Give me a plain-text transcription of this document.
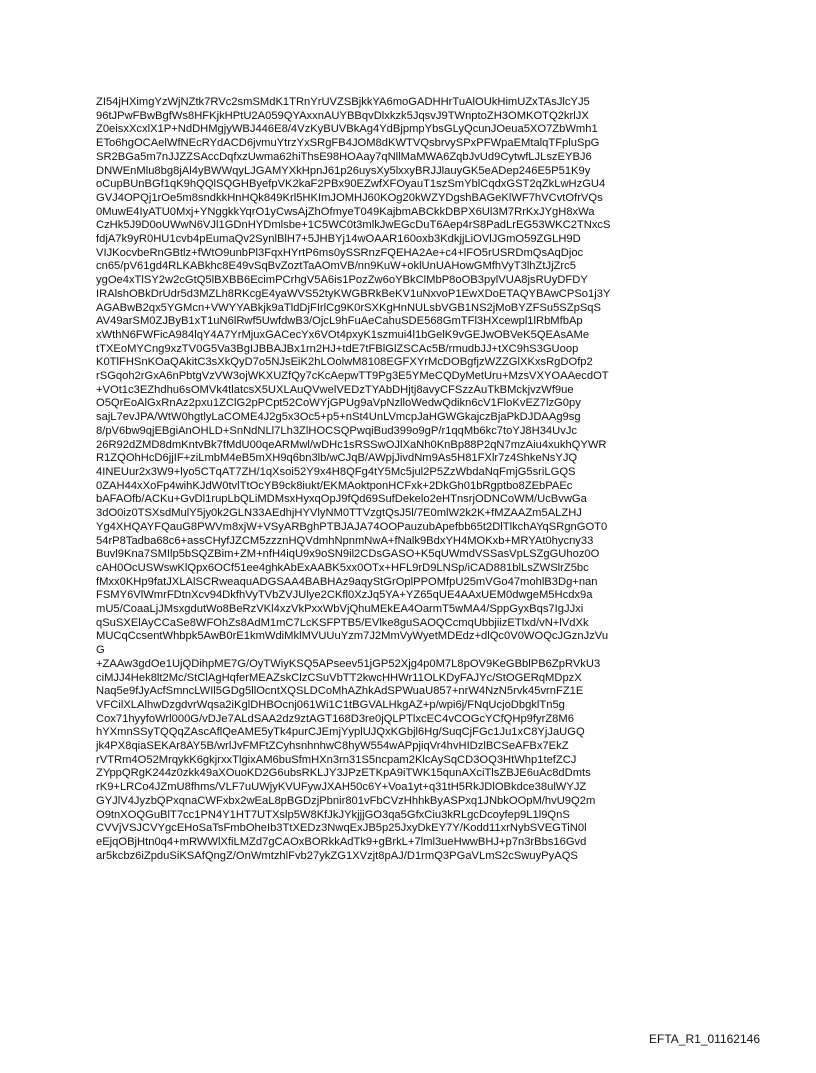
ZI54jHXimgYzWjNZtk7RVc2smSMdK1TRnYrUVZSBjkkYA6moGADHHrTuAlOUkHimUZxTAsJlcYJ5
96tJPwFBwBgfWs8HFKjkHPtU2A059QYAxxnAUYBBqvDlxkzk5JqsvJ9TWnptoZH3OMKOTQ2krlJX
Z0eisxXcxlX1P+NdDHMgjyWBJ446E8/4VzKyBUVBkAg4YdBjpmpYbsGLyQcunJOeua5XO7ZbWmh1
ETo6hgOCAelWfNEcRYdACD6jvmuYtrzYxSRgFB4JOM8dKWTVQsbrvySPxPFWpaEMtalqTFpluSpG
SR2BGa5m7nJJZZSAccDqfxzUwma62hiThsE98HOAay7qNllMaMWA6ZqbJvUd9CytwfLJLszEYBJ6
DNWEnMlu8bg8jAl4yBWWqyLJGAMYXkHpnJ61p26uysXy5lxxyBRJJlauyGK5eADep246E5P51K9y
oCupBUnBGf1qK9hQQlSQGHByefpVK2kaF2PBx90EZwfXFOyauT1szSmYblCqdxGST2qZkLwHzGU4
GVJ4OPQj1rOe5m8sndkkHnHQk849Krl5HKImJOMHJ60KOg20kWZYDgshBAGeKlWF7hVCvtOfrVQs
0MuwE4IyATU0Mxj+YNggkkYqrO1yCwsAjZhOfmyeT049KajbmABCkkDBPX6Ul3M7RrKxJYgH8xWa
CzHk5J9D0oUWwN6VJl1GDnHYDmlsbe+1C5WC0t3mlkJwEGcDuT6Aep4rS8PadLrEG53WKC2TNxcS
fdjA7k9yR0HU1cvb4pEumaQv2SynlBlH7+5JHBYj14wOAAR160oxb3KdkjjLiOVlJGmO59ZGLH9D
VIJKocvbeRnGBtlz+fWtO9unbPl3FqxHYrtP6ms0ySSRnzFQEHA2Ae+c4+lFO5rUSRDmQsAqDjoc
cn65/pV61gd4RLKABkhc8E49vSqBvZoztTaAOmVB/nn9KuW+oklUnUAHowGMfhVyT3lhZtJjZrc5
ygOe4xTlSY2w2cGtQ5lBXBB6EcimPCrhgV5A6is1PozZw6oYBkClMbP8oOB3pylVUA8jsRUyDFDY
IRAlshOBkDrUdr5d3MZLh8RKcgE4yaWVS52tyKWGBRkBeKV1uNxvoP1EwXDoETAQYBAwCPSo1j3Y
AGABwB2qx5YGMcn+VWYYABkjk9aTldDjFIrlCg9K0rSXKgHnNULsbVGB1NS2jMoBYZFSu5SZpSqS
AV49arSM0ZJByB1xT1uN6lRwf5UwfdwB3/OjcL9hFuAeCahuSDE568GmTFl3HXcewpl1lRbMfbAp
xWthN6FWFicA984lqY4A7YrMjuxGACecYx6VOt4pxyK1szmui4l1bGelK9vGEJwOBVeK5QEAsAMe
tTXEoMYCng9xzTV0G5Va3BgIJBBAJBx1rn2HJ+tdE7tFBlGlZSCAc5B/rmudbJJ+tXC9hS3GUoop
K0TlFHSnKOaQAkitC3sXkQyD7o5NJsEiK2hLOolwM8108EGFXYrMcDOBgfjzWZZGlXKxsRgDOfp2
rSGqoh2rGxA6nPbtgVzVW3ojWKXUZfQy7cKcAepwTT9Pg3E5YMeCQDyMetUru+MzsVXYOAAecdOT
+VOt1c3EZhdhu6sOMVk4tlatcsX5UXLAuQVwelVEDzTYAbDHjtj8avyCFSzzAuTkBMckjvzWf9ue
O5QrEoAlGxRnAz2pxu1ZClG2pPCpt52CoWYjGPUg9aVpNzlloWedwQdikn6cV1FloKvEZ7lzG0py
sajL7evJPA/WtW0hgtlyLaCOME4J2g5x3Oc5+p5+nSt4UnLVmcpJaHGWGkajczBjaPkDJDAAg9sg
8/pV6bw9qjEBgiAnOHLD+SnNdNLl7Lh3ZlHOCSQPwqiBud399o9gP/r1qqMb6kc7toYJ8H34UvJc
26R92dZMD8dmKntvBk7fMdU00qeARMwl/wDHc1sRSSwOJlXaNh0KnBp88P2qN7mzAiu4xukhQYWR
R1ZQOhHcD6jjIF+ziLmbM4eB5mXH9q6bn3lb/wCJqB/AWpjJivdNm9As5H81FXlr7z4ShkeNsYJQ
4INEUur2x3W9+lyo5CTqAT7ZH/1qXsoi52Y9x4H8QFg4tY5Mc5jul2P5ZzWbdaNqFmjG5sriLGQS
0ZAH44xXoFp4wihKJdW0tvlTtOcYB9ck8iukt/EKMAoktponHCFxk+2DkGh01bRgptbo8ZEbPAEc
bAFAOfb/ACKu+GvDl1rupLbQLiMDMsxHyxqOpJ9fQd69SufDekelo2eHTnsrjODNCoWM/UcBvwGa
3dO0iz0TSXsdMulY5jy0k2GLN33AEdhjHYVlyNM0TTVzgtQsJ5l/7E0mlW2k2K+fMZAAZm5ALZHJ
Yg4XHQAYFQauG8PWVm8xjW+VSyARBghPTBJAJA74OOPauzubApefbb65t2DlTlkchAYqSRgnGOT0
54rP8Tadba68c6+assCHyfJZCM5zzznHQVdmhNpnmNwA+fNalk9BdxYH4MOKxb+MRYAt0hycny33
Buvl9Kna7SMIlp5bSQZBim+ZM+nfH4iqU9x9oSN9il2CDsGASO+K5qUWmdVSSasVpLSZgGUhoz0O
cAH0OcUSWswKlQpx6OCf51ee4ghkAbExAABK5xx0OTx+HFL9rD9LNSp/iCAD881blLsZWSlrZ5bc
fMxx0KHp9fatJXLAlSCRweaquADGSAA4BABHAz9aqyStGrOplPPOMfpU25mVGo47mohlB3Dg+nan
FSMY6VlWmrFDtnXcv94DkfhVyTVbZVJUlye2CKfl0XzJq5YA+YZ65qUE4AAxUEM0dwgeM5Hcdx9a
mU5/CoaaLjJMsxgdutWo8BeRzVKl4xzVkPxxWbVjQhuMEkEA4OarmT5wMA4/SppGyxBqs7IgJJxi
qSuSXElAyCCaSe8WFOhZs8AdM1mC7LcKSFPTB5/EVlke8guSAOQCcmqUbbjiizETlxd/vN+lVdXk
MUCqCcsentWhbpk5AwB0rE1kmWdiMklMVUUuYzm7J2MmVyWyetMDEdz+dlQc0V0WOQcJGznJzVu
G
+ZAAw3gdOe1UjQDihpME7G/OyTWiyKSQ5APseev51jGP52Xjg4p0M7L8pOV9KeGBblPB6ZpRVkU3
ciMJJ4Hek8lt2Mc/StClAgHqferMEAZskClzCSuVbTT2kwcHHWr11OLKDyFAJYc/StOGERqMDpzX
Naq5e9fJyAcfSmncLWIl5GDg5llOcntXQSLDCoMhAZhkAdSPWuaU857+nrW4NzN5rvk45vrnFZ1E
VFCilXLAlhwDzgdvrWqsa2iKglDHBOcnj061Wi1C1tBGVALHkgAZ+p/wpi6j/FNqUcjoDbgklTn5g
Cox71hyyfoWrl000G/vDJe7ALdSAA2dz9ztAGT168D3re0jQLPTlxcEC4vCOGcYCfQHp9fyrZ8M6
hYXmnSSyTQQqZAscAflQeAME5yTk4purCJEmjYyplUJQxKGbjl6Hg/SuqCjFGc1Ju1xC8YjJaUGQ
jk4PX8qiaSEKAr8AY5B/wrlJvFMFtZCyhsnhnhwC8hyW554wAPpjiqVr4hvHIDzlBCSeAFBx7EkZ
rVTRm4O52MrqykK6gkjrxxTlgixAM6buSfmHXn3rn31S5ncpam2KlcAySqCD3OQ3HtWhp1tefZCJ
ZYppQRgK244z0zkk49aXOuoKD2G6ubsRKLJY3JPzETKpA9iTWK15qunAXciTlsZBJE6uAc8dDmts
rK9+LRCo4JZmU8fhms/VLF7uUWjyKVUFywJXAH50c6Y+Voa1yt+q31tH5RkJDlOBkdce38ulWYJZ
GYJlV4JyzbQPxqnaCWFxbx2wEaL8pBGDzjPbnir801vFbCVzHhhkByASPxq1JNbkOOpM/hvU9Q2m
O9tnXOQGuBlT7cc1PN4Y1HT7UTXslp5W8KfJkJYkjjjGO3qa5GfxCiu3kRLgcDcoyfep9L1l9QnS
CVVjVSJCVYgcEHoSaTsFmbOheIb3TtXEDz3NwqExJB5p25JxyDkEY7Y/Kodd11xrNybSVEGTiN0l
eEjqOBjHtn0q4+mRWWlXfiLMZd7gCAOxBORkkAdTk9+gBrkL+7lml3ueHwwBHJ+p7n3rBbs16Gvd
ar5kcbz6iZpduSiKSAfQngZ/OnWmtzhlFvb27ykZG1XVzjt8pAJ/D1rmQ3PGaVLmS2cSwuyPyAQS
EFTA_R1_01162146
